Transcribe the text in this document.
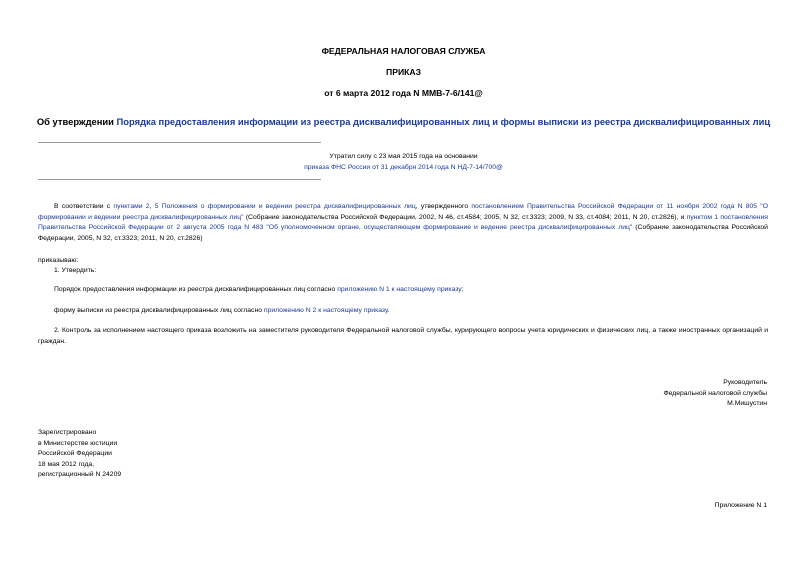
ФЕДЕРАЛЬНАЯ НАЛОГОВАЯ СЛУЖБА
ПРИКАЗ
от 6 марта 2012 года N ММВ-7-6/141@
Об утверждении Порядка предоставления информации из реестра дисквалифицированных лиц и формы выписки из реестра дисквалифицированных лиц
Утратил силу с 23 мая 2015 года на основании
приказа ФНС России от 31 декабря 2014 года N НД-7-14/700@
В соответствии с пунктами 2, 5 Положения о формировании и ведении реестра дисквалифицированных лиц, утвержденного постановлением Правительства Российской Федерации от 11 ноября 2002 года N 805 "О формировании и ведении реестра дисквалифицированных лиц" (Собрание законодательства Российской Федерации, 2002, N 46, ст.4584; 2005, N 32, ст.3323; 2009, N 33, ст.4084; 2011, N 20, ст.2826), и пунктом 1 постановления Правительства Российской Федерации от 2 августа 2005 года N 483 "Об уполномоченном органе, осуществляющем формирование и ведение реестра дисквалифицированных лиц" (Собрание законодательства Российской Федерации, 2005, N 32, ст.3323; 2011, N 20, ст.2826)
приказываю:
1. Утвердить:
Порядок предоставления информации из реестра дисквалифицированных лиц согласно приложению N 1 к настоящему приказу;
форму выписки из реестра дисквалифицированных лиц согласно приложению N 2 к настоящему приказу.
2. Контроль за исполнением настоящего приказа возложить на заместителя руководителя Федеральной налоговой службы, курирующего вопросы учета юридических и физических лиц, а также иностранных организаций и граждан.
Руководитель
Федеральной налоговой службы
М.Мишустин
Зарегистрировано
в Министерстве юстиции
Российской Федерации
18 мая 2012 года,
регистрационный N 24209
Приложение N 1
